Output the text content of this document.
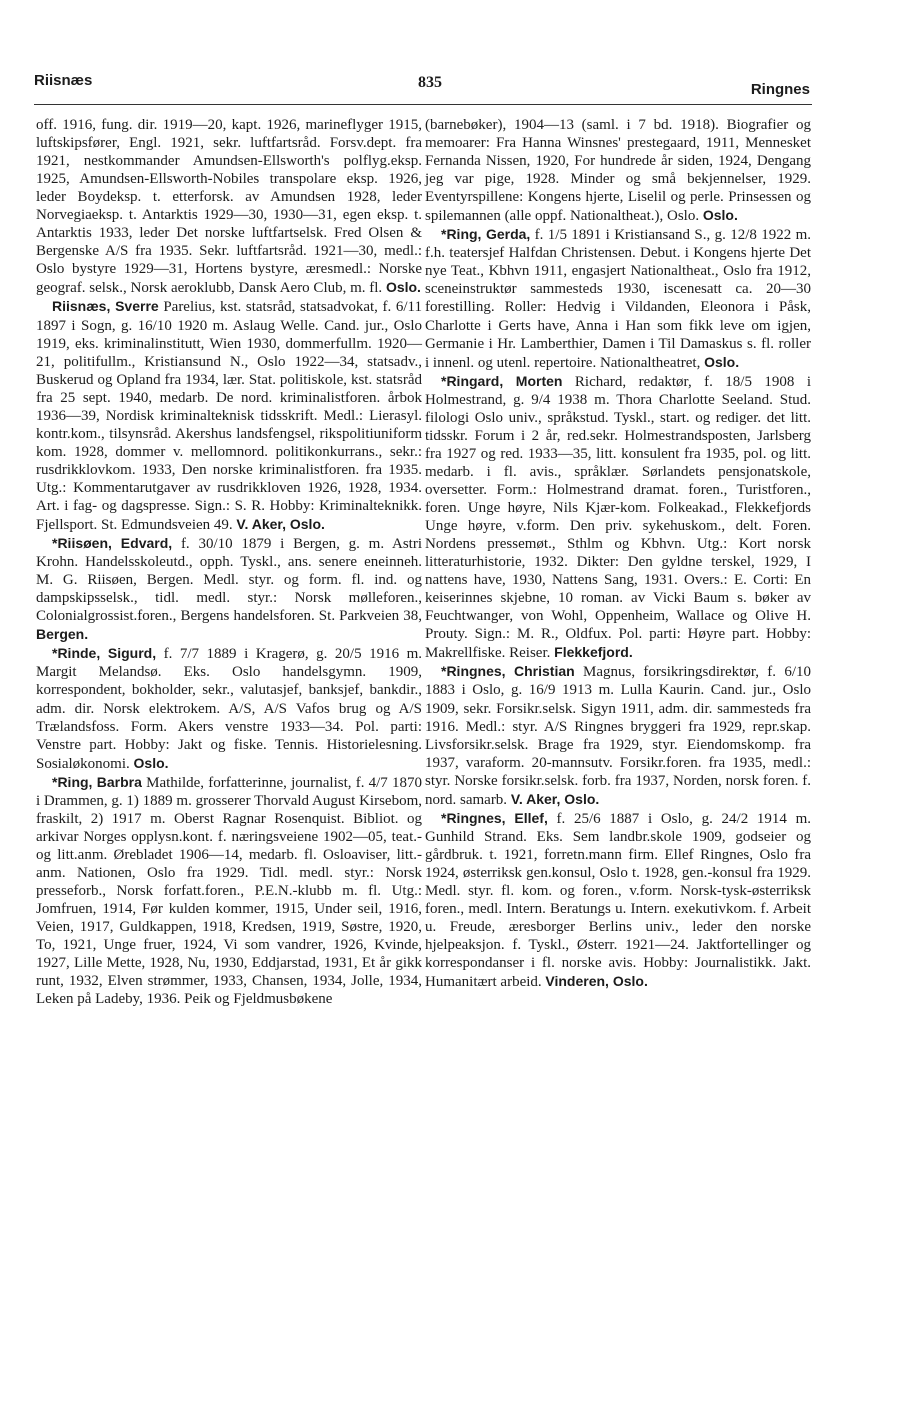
Riisnæs	835	Ringnes

off. 1916, fung. dir. 1919—20, kapt. 1926, marineflyger 1915, luftskipsfører, Engl. 1921, sekr. luftfartsråd. Forsv.dept. fra 1921, nestkommander Amundsen-Ellsworth's polflyg.eksp. 1925, Amundsen-Ellsworth-Nobiles transpolare eksp. 1926, leder Boydeksp. t. etterforsk. av Amundsen 1928, leder Norvegiaeksp. t. Antarktis 1929—30, 1930—31, egen eksp. t. Antarktis 1933, leder Det norske luftfartselsk. Fred Olsen & Bergenske A/S fra 1935. Sekr. luftfartsråd. 1921—30, medl.: Oslo bystyre 1929—31, Hortens bystyre, æresmedl.: Norske geograf. selsk., Norsk aeroklubb, Dansk Aero Club, m. fl. Oslo.

Riisnæs, Sverre Parelius, kst. statsråd, statsadvokat, f. 6/11 1897 i Sogn, g. 16/10 1920 m. Aslaug Welle. Cand. jur., Oslo 1919, eks. kriminalinstitutt, Wien 1930, dommerfullm. 1920—21, politifullm., Kristiansund N., Oslo 1922—34, statsadv., Buskerud og Opland fra 1934, lær. Stat. politiskole, kst. statsråd fra 25 sept. 1940, medarb. De nord. kriminalistforen. årbok 1936—39, Nordisk kriminalteknisk tidsskrift. Medl.: Lierasyl. kontr.kom., tilsynsråd. Akershus landsfengsel, rikspolitiuniform kom. 1928, dommer v. mellomnord. politikonkurrans., sekr.: rusdrikklovkom. 1933, Den norske kriminalistforen. fra 1935. Utg.: Kommentarutgaver av rusdrikkloven 1926, 1928, 1934. Art. i fag- og dagspresse. Sign.: S. R. Hobby: Kriminalteknikk. Fjellsport. St. Edmundsveien 49. V. Aker, Oslo.

*Riisøen, Edvard, f. 30/10 1879 i Bergen, g. m. Astri Krohn. Handelsskoleutd., opph. Tyskl., ans. senere eneinneh. M. G. Riisøen, Bergen. Medl. styr. og form. fl. ind. og dampskipsselsk., tidl. medl. styr.: Norsk mølleforen., Colonialgrossist.foren., Bergens handelsforen. St. Parkveien 38, Bergen.

*Rinde, Sigurd, f. 7/7 1889 i Kragerø, g. 20/5 1916 m. Margit Melandsø. Eks. Oslo handelsgymn. 1909, korrespondent, bokholder, sekr., valutasjef, banksjef, bankdir., adm. dir. Norsk elektrokem. A/S, A/S Vafos brug og A/S Trælandsfoss. Form. Akers venstre 1933—34. Pol. parti: Venstre part. Hobby: Jakt og fiske. Tennis. Historielesning. Sosialøkonomi. Oslo.

*Ring, Barbra Mathilde, forfatterinne, journalist, f. 4/7 1870 i Drammen, g. 1) 1889 m. grosserer Thorvald August Kirsebom, fraskilt, 2) 1917 m. Oberst Ragnar Rosenquist. Bibliot. og arkivar Norges opplysn.kont. f. næringsveiene 1902—05, teat.- og litt.anm. Ørebladet 1906—14, medarb. fl. Osloaviser, litt.-anm. Nationen, Oslo fra 1929. Tidl. medl. styr.: Norsk presseforb., Norsk forfatt.foren., P.E.N.-klubb m. fl. Utg.: Jomfruen, 1914, Før kulden kommer, 1915, Under seil, 1916, Veien, 1917, Guldkappen, 1918, Kredsen, 1919, Søstre, 1920, To, 1921, Unge fruer, 1924, Vi som vandrer, 1926, Kvinde, 1927, Lille Mette, 1928, Nu, 1930, Eddjarstad, 1931, Et år gikk runt, 1932, Elven strømmer, 1933, Chansen, 1934, Jolle, 1934, Leken på Ladeby, 1936. Peik og Fjeldmusbøkene

(barnebøker), 1904—13 (saml. i 7 bd. 1918). Biografier og memoarer: Fra Hanna Winsnes' prestegaard, 1911, Mennesket Fernanda Nissen, 1920, For hundrede år siden, 1924, Dengang jeg var pige, 1928. Minder og små bekjennelser, 1929. Eventyrspillene: Kongens hjerte, Liselil og perle. Prinsessen og spilemannen (alle oppf. Nationaltheat.), Oslo. Oslo.

*Ring, Gerda, f. 1/5 1891 i Kristiansand S., g. 12/8 1922 m. f.h. teatersjef Halfdan Christensen. Debut. i Kongens hjerte Det nye Teat., Kbhvn 1911, engasjert Nationaltheat., Oslo fra 1912, sceneinstruktør sammesteds 1930, iscenesatt ca. 20—30 forestilling. Roller: Hedvig i Vildanden, Eleonora i Påsk, Charlotte i Gerts have, Anna i Han som fikk leve om igjen, Germanie i Hr. Lamberthier, Damen i Til Damaskus s. fl. roller i innenl. og utenl. repertoire. Nationaltheatret, Oslo.

*Ringard, Morten Richard, redaktør, f. 18/5 1908 i Holmestrand, g. 9/4 1938 m. Thora Charlotte Seeland. Stud. filologi Oslo univ., språkstud. Tyskl., start. og rediger. det litt. tidsskr. Forum i 2 år, red.sekr. Holmestrandsposten, Jarlsberg fra 1927 og red. 1933—35, litt. konsulent fra 1935, pol. og litt. medarb. i fl. avis., språklær. Sørlandets pensjonatskole, oversetter. Form.: Holmestrand dramat. foren., Turistforen., foren. Unge høyre, Nils Kjær-kom. Folkeakad., Flekkefjords Unge høyre, v.form. Den priv. sykehuskom., delt. Foren. Nordens pressemøt., Sthlm og Kbhvn. Utg.: Kort norsk litteraturhistorie, 1932. Dikter: Den gyldne terskel, 1929, I nattens have, 1930, Nattens Sang, 1931. Overs.: E. Corti: En keiserinnes skjebne, 10 roman. av Vicki Baum s. bøker av Feuchtwanger, von Wohl, Oppenheim, Wallace og Olive H. Prouty. Sign.: M. R., Oldfux. Pol. parti: Høyre part. Hobby: Makrellfiske. Reiser. Flekkefjord.

*Ringnes, Christian Magnus, forsikringsdirektør, f. 6/10 1883 i Oslo, g. 16/9 1913 m. Lulla Kaurin. Cand. jur., Oslo 1909, sekr. Forsikr.selsk. Sigyn 1911, adm. dir. sammesteds fra 1916. Medl.: styr. A/S Ringnes bryggeri fra 1929, repr.skap. Livsforsikr.selsk. Brage fra 1929, styr. Eiendomskomp. fra 1937, varaform. 20-mannsutv. Forsikr.foren. fra 1935, medl.: styr. Norske forsikr.selsk. forb. fra 1937, Norden, norsk foren. f. nord. samarb. V. Aker, Oslo.

*Ringnes, Ellef, f. 25/6 1887 i Oslo, g. 24/2 1914 m. Gunhild Strand. Eks. Sem landbr.skole 1909, godseier og gårdbruk. t. 1921, forretn.mann firm. Ellef Ringnes, Oslo fra 1924, østerriksk gen.konsul, Oslo t. 1928, gen.-konsul fra 1929. Medl. styr. fl. kom. og foren., v.form. Norsk-tysk-østerriksk foren., medl. Intern. Beratungs u. Intern. exekutivkom. f. Arbeit u. Freude, æresborger Berlins univ., leder den norske hjelpeaksjon. f. Tyskl., Østerr. 1921—24. Jaktfortellinger og korrespondanser i fl. norske avis. Hobby: Journalistikk. Jakt. Humanitært arbeid. Vinderen, Oslo.
